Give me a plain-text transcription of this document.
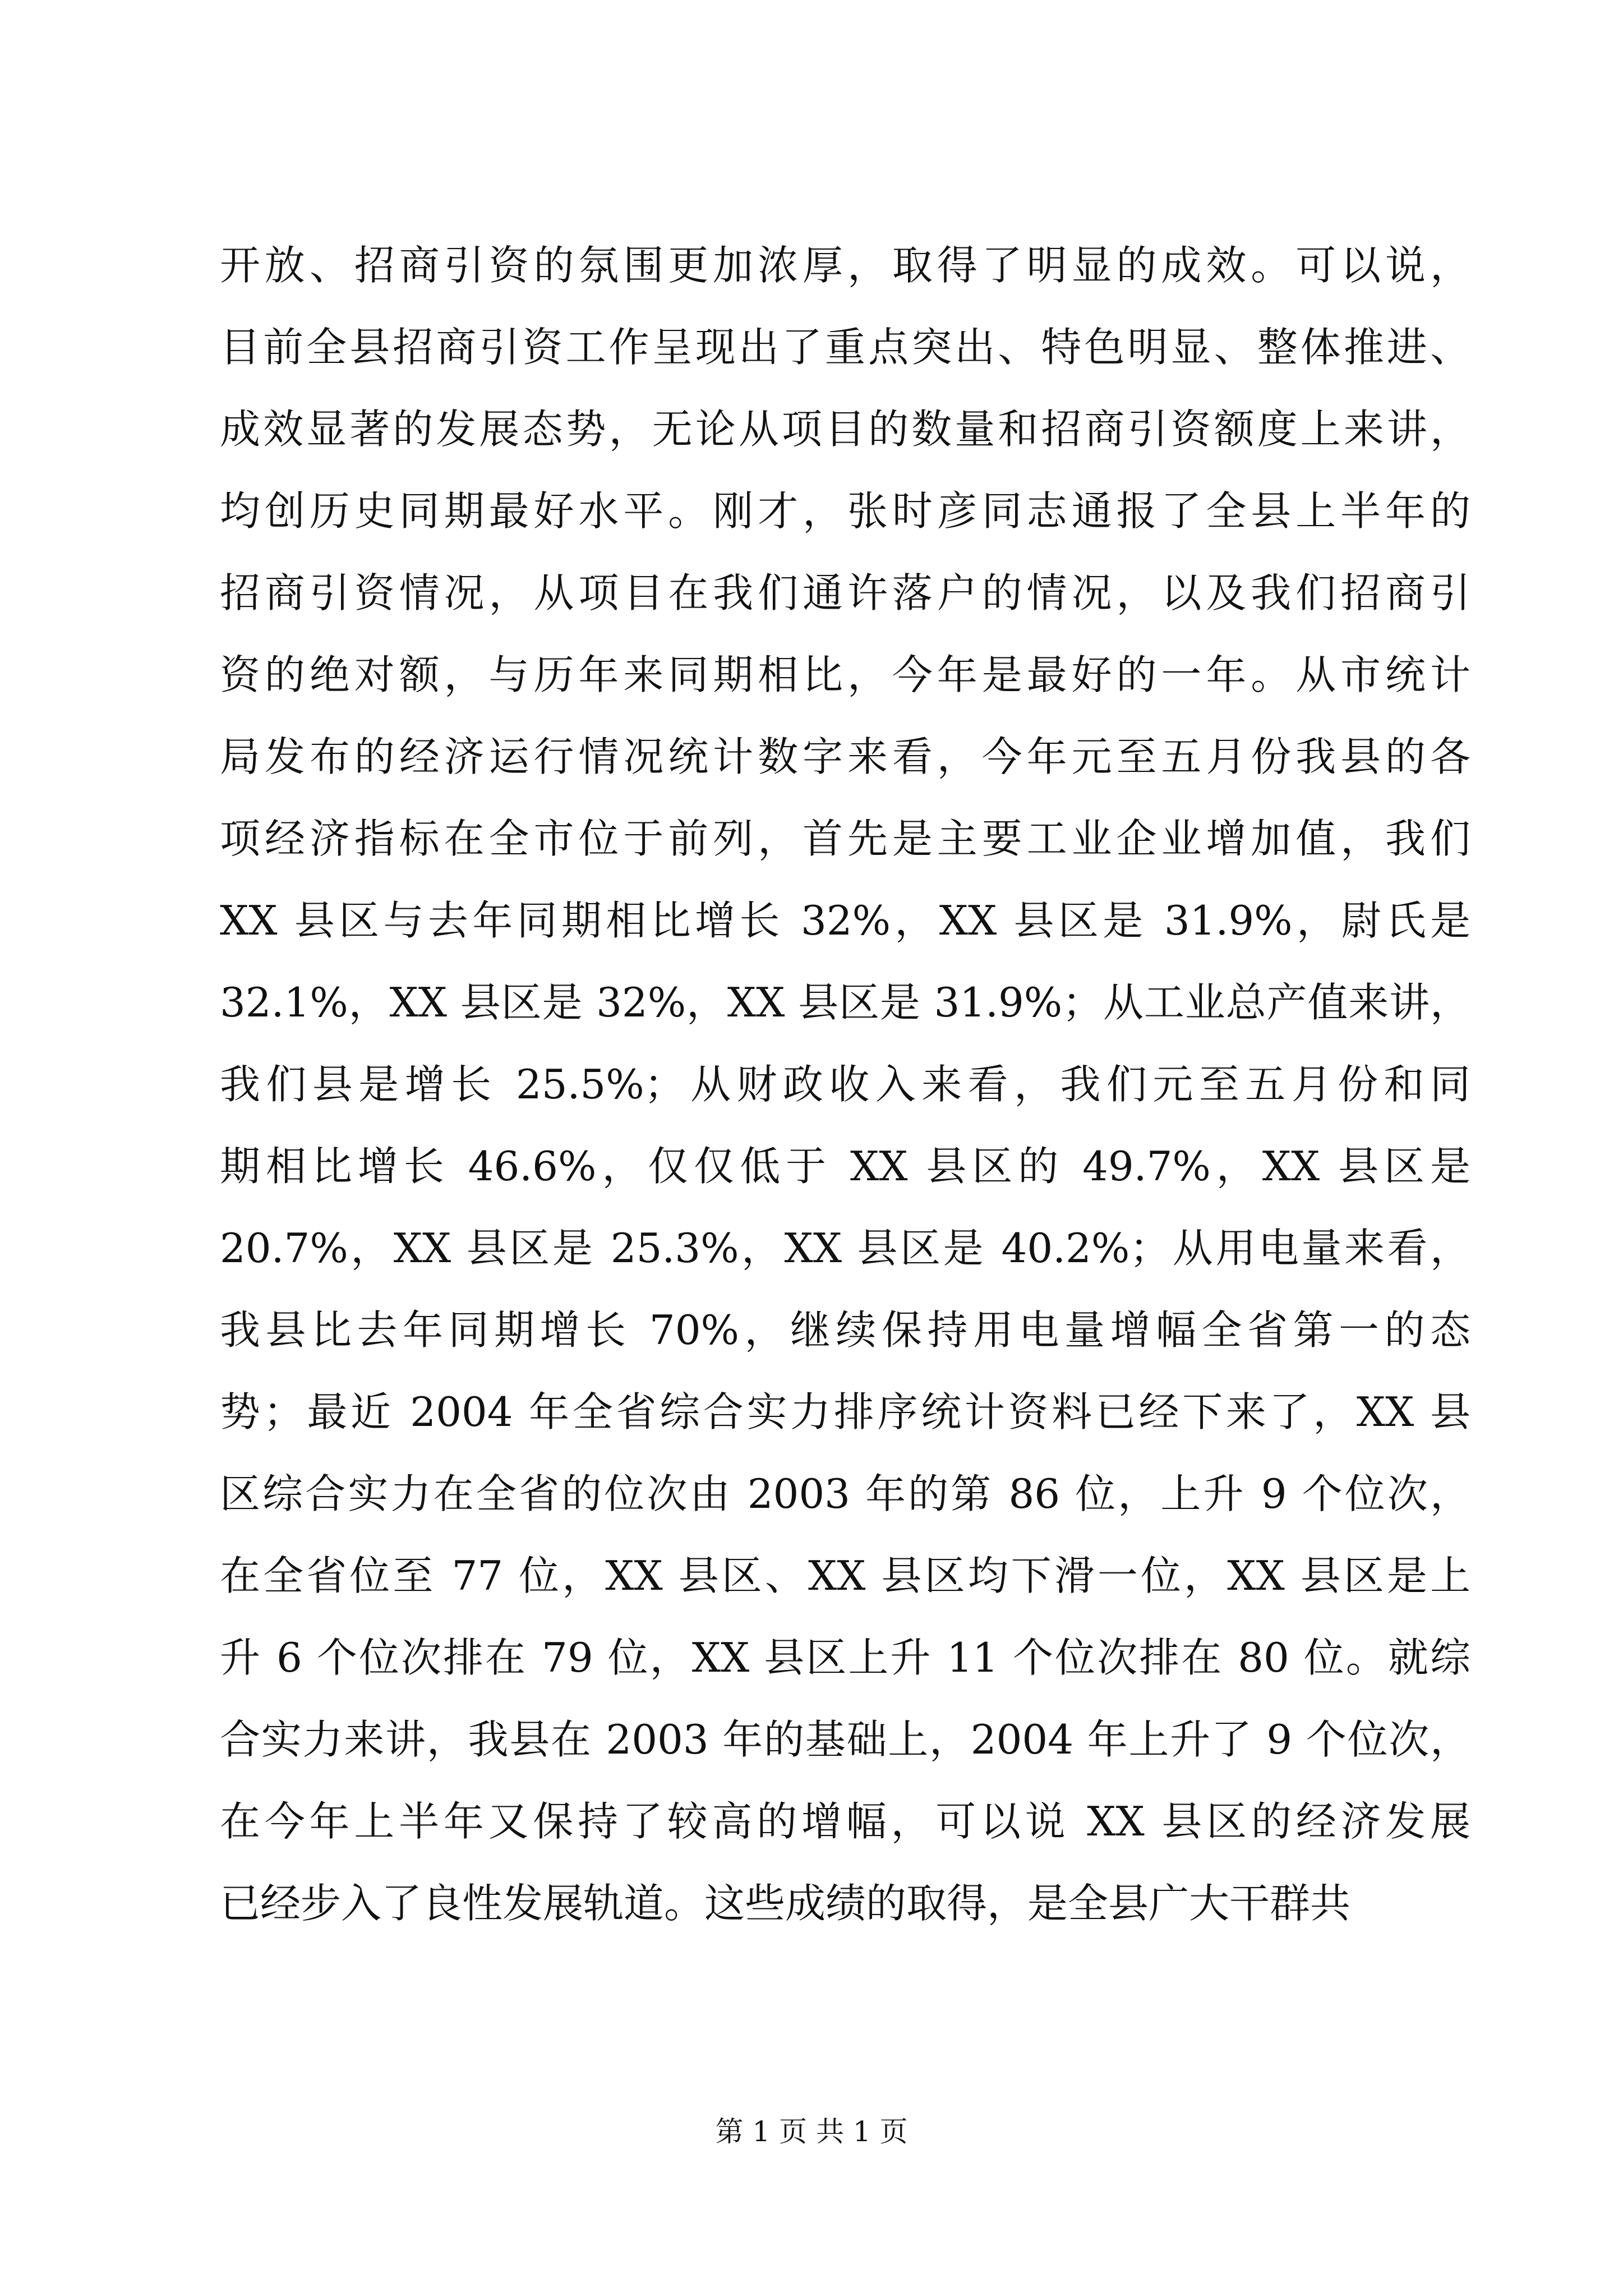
开放、招商引资的氛围更加浓厚，取得了明显的成效。可以说，
目前全县招商引资工作呈现出了重点突出、特色明显、整体推进、
成效显著的发展态势，无论从项目的数量和招商引资额度上来讲，
均创历史同期最好水平。刚才，张时彦同志通报了全县上半年的
招商引资情况，从项目在我们通许落户的情况，以及我们招商引
资的绝对额，与历年来同期相比，今年是最好的一年。从市统计
局发布的经济运行情况统计数字来看，今年元至五月份我县的各
项经济指标在全市位于前列，首先是主要工业企业增加值，我们
XX 县区与去年同期相比增长 32%，XX 县区是 31.9%，尉氏是
32.1%，XX 县区是 32%，XX 县区是 31.9%；从工业总产值来讲，
我们县是增长 25.5%；从财政收入来看，我们元至五月份和同
期相比增长 46.6%，仅仅低于 XX 县区的 49.7%，XX 县区是
20.7%，XX 县区是 25.3%，XX 县区是 40.2%；从用电量来看，
我县比去年同期增长 70%，继续保持用电量增幅全省第一的态
势；最近 2004 年全省综合实力排序统计资料已经下来了，XX 县
区综合实力在全省的位次由 2003 年的第 86 位，上升 9 个位次，
在全省位至 77 位，XX 县区、XX 县区均下滑一位，XX 县区是上
升 6 个位次排在 79 位，XX 县区上升 11 个位次排在 80 位。就综
合实力来讲，我县在 2003 年的基础上，2004 年上升了 9 个位次，
在今年上半年又保持了较高的增幅，可以说 XX 县区的经济发展
已经步入了良性发展轨道。这些成绩的取得，是全县广大干群共
第 1 页 共 1 页
